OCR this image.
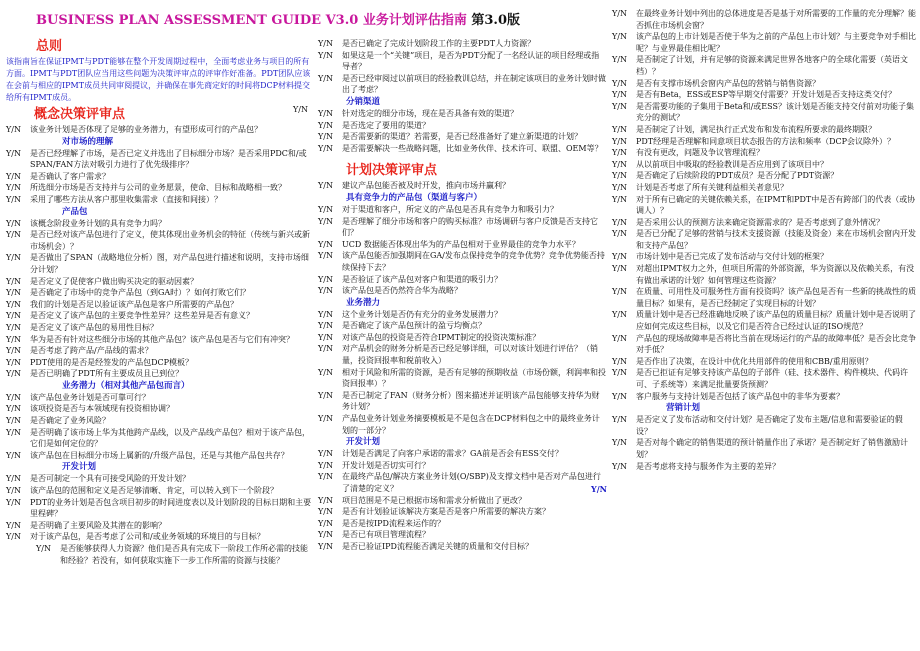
BUSINESS PLAN ASSESSMENT GUIDE V3.0 业务计划评估指南 第3.0版
总则
该指南旨在保证IPMT与PDT能够在整个开发周期过程中，全面考虑业务与项目的所有方面。IPMT与PDT团队应当用这些问题为决策评审点的评审作好准备。PDT团队应该在会前与相应的IPMT成员共同审阅提议，并确保在事先商定好的时间将DCP材料提交给所有IPMT成员。
Y/N
概念决策评审点
Y/N	该业务计划是否体现了足够的业务潜力，有望形成可行的产品包？
对市场的理解
Y/N	是否已经理解了市场，是否已定义并选出了目标细分市场？是否采用PDC和/或SPAN/FAN方法对吸引力进行了优先级排序？
Y/N	是否确认了客户需求？
Y/N	所选细分市场是否支持并与公司的业务愿景，使命、目标和战略相一致？
Y/N	采用了哪些方法从客户那里收集需求（直接和间接）？
产品包
Y/N	该概念阶段业务计划的具有竞争力吗？
Y/N	是否已经对该产品包进行了定义，使其体现出业务机会的特征（传统与新兴或新市场机会）？
Y/N	是否做出了SPAN（战略地位分析）图，对产品包进行描述和说明，支持市场细分计划？
Y/N	是否定义了促使客户做出购买决定的驱动因素？
Y/N	是否确定了市场中的竞争产品包（到GA时）？如何打败它们？
Y/N	我们的计划是否足以验证该产品包是客户所需要的产品包？
Y/N	是否定义了该产品包的主要竞争性差异？这些差异是否有意义？
Y/N	是否定义了该产品包的易用性目标？
Y/N	华为是否有针对这些细分市场的其他产品包？该产品包是否与它们有冲突？
Y/N	是否考虑了跨产品/产品线的需求？
Y/N	PDT使用的是否是经签发的产品包DCP模板？
Y/N	是否已明确了PDT所有主要成员且已到位？
业务潜力（相对其他产品包而言）
Y/N	该产品包业务计划是否可靠可行？
Y/N	该项投资是否与本领域现有投资相协调？
Y/N	是否确定了业务风险？
Y/N	是否明确了该市场上华为其他跨产品线，以及产品线产品包？相对于该产品包，它们是如何定位的？
Y/N	该产品包在目标细分市场上属新的/升级产品包，还是与其他产品包共存？
开发计划
Y/N	是否可制定一个具有可接受风险的开发计划？
Y/N	该产品包的范围和定义是否足够清晰、肯定，可以转入到下一个阶段？
Y/N	PDT的业务计划是否包含项目初步的时间进度表以及计划阶段的目标日期和主要里程碑？
Y/N	是否明确了主要风险及其潜在的影响？
Y/N	对于该产品包，是否考虑了公司和/或业务领域的环境目的与目标？
Y/N	是否能够获得人力资源？他们是否具有完成下一阶段工作所必需的技能和经验？若没有，如何获取实施下一步工作所需的资源与技能？
Y/N	是否已确定了完成计划阶段工作的主要PDT人力资源？
Y/N	如果这是一个“关键”项目，是否为PDT分配了一名经认证的项目经理或指导者？
Y/N	是否已经审阅过以前项目的经验教训总结，并在制定该项目的业务计划时做出了考虑？
分销渠道
Y/N	针对选定的细分市场，现在是否具备有效的渠道？
Y/N	是否选定了要用的渠道？
Y/N	是否需要新的渠道？若需要，是否已经准备好了建立新渠道的计划？
Y/N	是否需要解决一些战略问题，比如业务伙伴、技术许可、联盟、OEM等？
计划决策评审点
Y/N	建议产品包能否被及时开发，推向市场并赢利？
具有竞争力的产品包（渠道与客户）
Y/N	对于渠道和客户，所定义的产品包是否具有竞争力和吸引力？
Y/N	是否理解了细分市场和客户的购买标准？市场调研与客户反馈是否支持它们？
Y/N	UCD 数据能否体现出华为的产品包相对于业界最佳的竞争力水平？
Y/N	该产品包能否加强期间在GA/发布点保持竞争的竞争优势？竞争优势能否持续保持下去？
Y/N	是否验证了该产品包对客户和渠道的吸引力？
Y/N	该产品包是否仍然符合华为战略？
业务潜力
Y/N	这个业务计划是否仍有充分的业务发展潜力？
Y/N	是否确定了该产品包预计的盈亏均衡点？
Y/N	对该产品包的投资是否符合IPMT制定的投资决策标准？
Y/N	对产品机会的财务分析是否已经足够详细，可以对该计划进行评估？（销量，投资回报率和税前收入）
Y/N	相对于风险和所需的资源，是否有足够的预期收益（市场份额，利润率和投资回报率）？
Y/N	是否已制定了FAN（财务分析）图来描述并证明该产品包能够支持华为财务计划？
Y/N	产品包业务计划业务摘要模板是不是包含在DCP材料包之中的最终业务计划的一部分？
开发计划
Y/N	计划是否满足了向客户承诺的需求？GA前是否会有ESS交付？
Y/N	开发计划是否切实可行？
Y/N	在最终产品包/解决方案业务计划(O/SBP)及支撑文档中是否对产品包进行了清楚的定义？	Y/N
Y/N	项目范围是不是已根据市场和需求分析做出了更改？
Y/N	是否有计划验证该解决方案是否是客户所需要的解决方案？
Y/N	是否是按IPD流程来运作的？
Y/N	是否已有项目管理流程？
Y/N	是否已验证IPD流程能否满足关键的质量和交付目标？
Y/N	在最终业务计划中列出的总体进度是否是基于对所需要的工作量的充分理解？能否抓住市场机会窗？
Y/N	该产品包的上市计划是否使于华为之前的产品包上市计划？与主要竞争对手相比呢？与业界最佳相比呢？
Y/N	是否制定了计划，并有足够的资源来满足世界各地客户的全球化需要（英语文档）？
Y/N	是否有支撑市场机会窗内产品包的营销与销售资源？
Y/N	是否有Beta，ESS或ESP等早期交付需要？开发计划是否支持这类交付？
Y/N	是否需要功能的子集用于Beta和/或ESS？该计划是否能支持交付前对功能子集充分的测试？
Y/N	是否制定了计划，满足执行正式发布和发布流程所要求的最终期限？
Y/N	PDT经理是否理解和同意项目状态报告的方法和频率（DCP会议除外）？
Y/N	有没有更改，问题及争议管理流程？
Y/N	从以前项目中吸取的经验教训是否应用到了该项目中？
Y/N	是否确定了后续阶段的PDT成员？是否分配了PDT资源？
Y/N	计划是否考虑了所有关键利益相关者意见？
Y/N	对于所有已确定的关键依赖关系，在IPMT和PDT中是否有跨部门的代表（或协调人）？
Y/N	是否采用公认的预测方法来确定资源需求的？是否考虑到了意外情况？
Y/N	是否已分配了足够的营销与技术支援资源（技能及资金）来在市场机会窗内开发和支持产品包？
Y/N	市场计划中是否已完成了发布活动与交付计划的框架？
Y/N	对超出IPMT权力之外，但项目所需的外部资源，华为资源以及依赖关系，有没有做出承诺的计划？如何管理这些资源？
Y/N	在质量、可用性及可服务性方面有投资吗？该产品包是否有一些新的挑战性的质量目标？如果有，是否已经制定了实现目标的计划？
Y/N	质量计划中是否已经准确地反映了该产品包的质量目标？质量计划中是否说明了应如何完成这些目标，以及它们是否符合已经过认证的ISO规范？
Y/N	产品包的现场故障率是否将比当前在现场运行的产品的故障率低？是否会比竞争对手低？
Y/N	是否作出了决策，在设计中优化共用部件的使用和CBB/重用原则？
Y/N	是否已拒证有足够支持该产品包的子部件（硅、技术器件、构件模块、代码许可、子系统等）来满足批量要货预测？
Y/N	客户服务与支持计划是否包括了该产品包中的非华为要素？
营销计划
Y/N	是否定义了发布活动和交付计划？是否确定了发布主题/信息和需要验证的假设？
Y/N	是否对每个确定的销售渠道的预计销量作出了承诺？是否制定好了销售激励计划？
Y/N	是否考虑将支持与服务作为主要的差异？
